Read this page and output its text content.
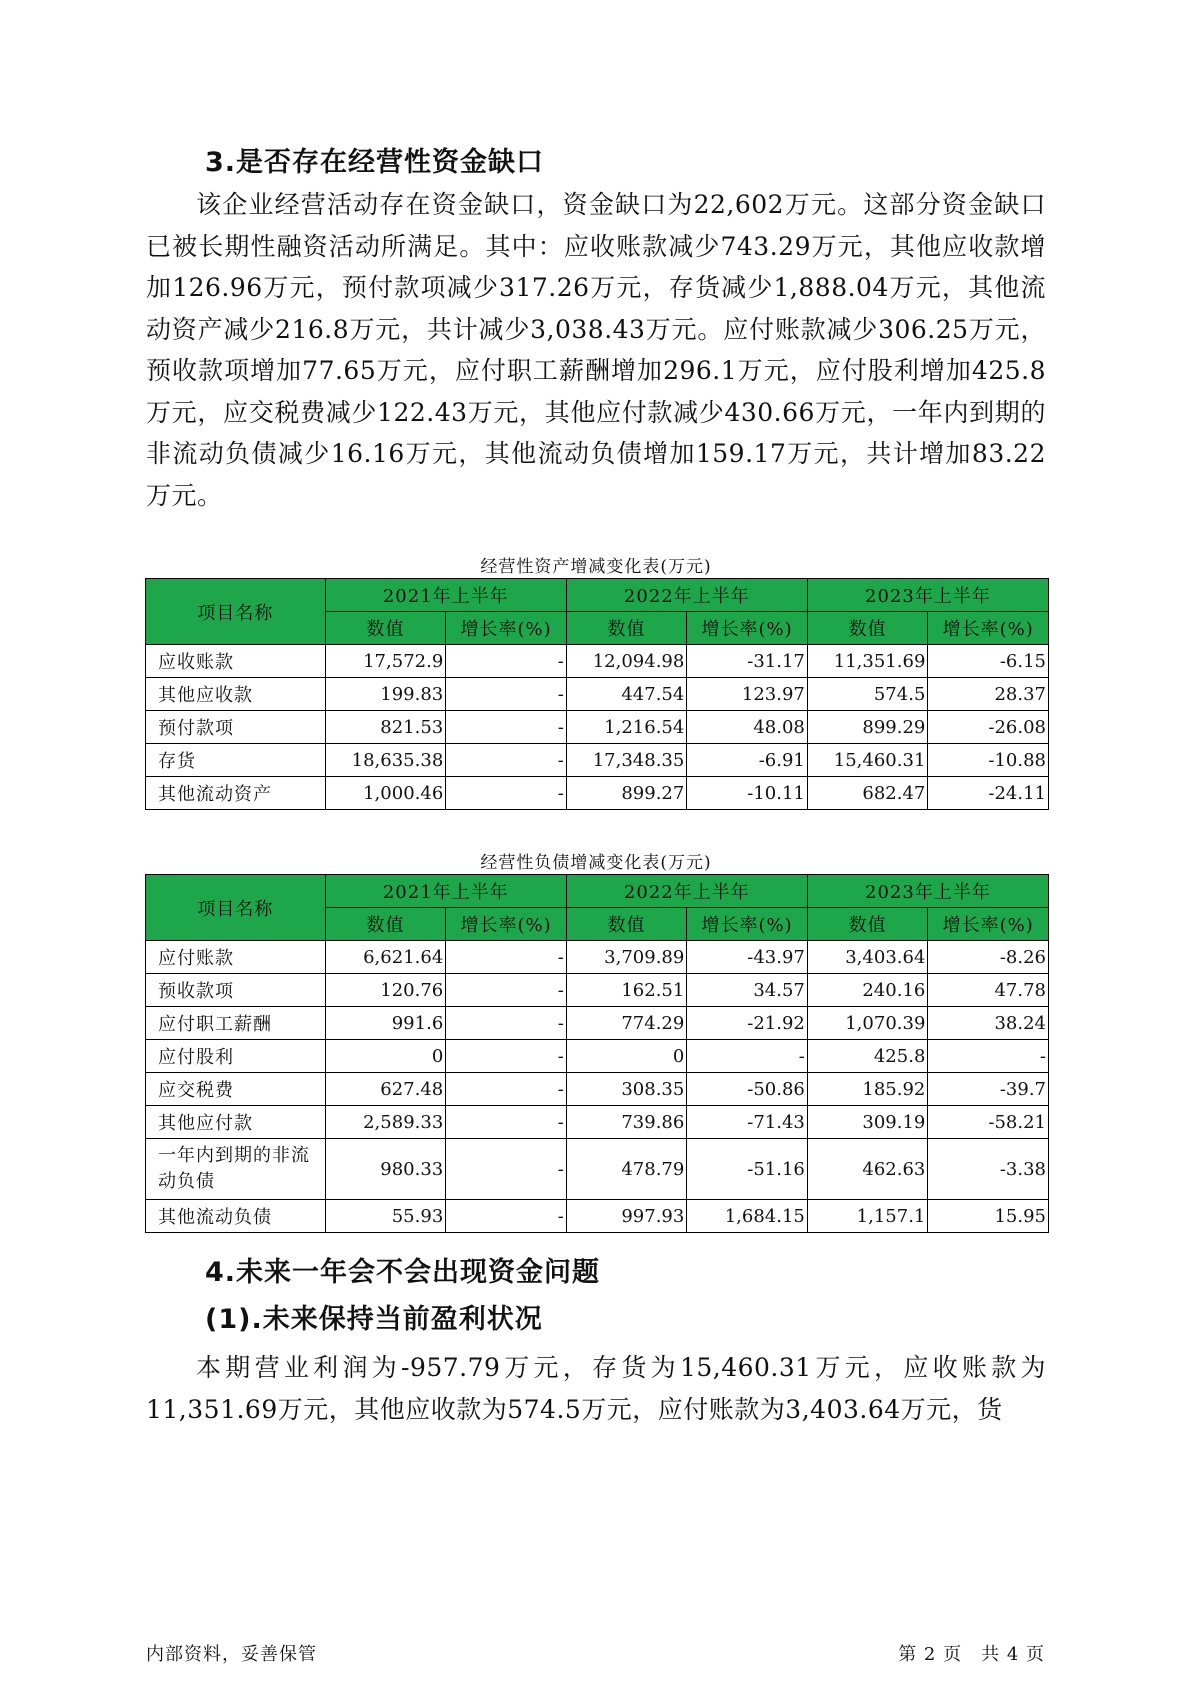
3.是否存在经营性资金缺口

该企业经营活动存在资金缺口，资金缺口为22,602万元。这部分资金缺口已被长期性融资活动所满足。其中：应收账款减少743.29万元，其他应收款增加126.96万元，预付款项减少317.26万元，存货减少1,888.04万元，其他流动资产减少216.8万元，共计减少3,038.43万元。应付账款减少306.25万元，预收款项增加77.65万元，应付职工薪酬增加296.1万元，应付股利增加425.8万元，应交税费减少122.43万元，其他应付款减少430.66万元，一年内到期的非流动负债减少16.16万元，其他流动负债增加159.17万元，共计增加83.22万元。

经营性资产增减变化表(万元)
项目名称	2021年上半年		2022年上半年		2023年上半年	
	数值	增长率(%)	数值	增长率(%)	数值	增长率(%)
应收账款	17,572.9	-	12,094.98	-31.17	11,351.69	-6.15
其他应收款	199.83	-	447.54	123.97	574.5	28.37
预付款项	821.53	-	1,216.54	48.08	899.29	-26.08
存货	18,635.38	-	17,348.35	-6.91	15,460.31	-10.88
其他流动资产	1,000.46	-	899.27	-10.11	682.47	-24.11
经营性负债增减变化表(万元)
项目名称	2021年上半年		2022年上半年		2023年上半年	
	数值	增长率(%)	数值	增长率(%)	数值	增长率(%)
应付账款	6,621.64	-	3,709.89	-43.97	3,403.64	-8.26
预收款项	120.76	-	162.51	34.57	240.16	47.78
应付职工薪酬	991.6	-	774.29	-21.92	1,070.39	38.24
应付股利	0	-	0	-	425.8	-
应交税费	627.48	-	308.35	-50.86	185.92	-39.7
其他应付款	2,589.33	-	739.86	-71.43	309.19	-58.21
一年内到期的非流动负债	980.33	-	478.79	-51.16	462.63	-3.38
其他流动负债	55.93	-	997.93	1,684.15	1,157.1	15.95
4.未来一年会不会出现资金问题
(1).未来保持当前盈利状况

本期营业利润为-957.79万元，存货为15,460.31万元，应收账款为11,351.69万元，其他应收款为574.5万元，应付账款为3,403.64万元，货

内部资料，妥善保管	第 2 页　共 4 页
